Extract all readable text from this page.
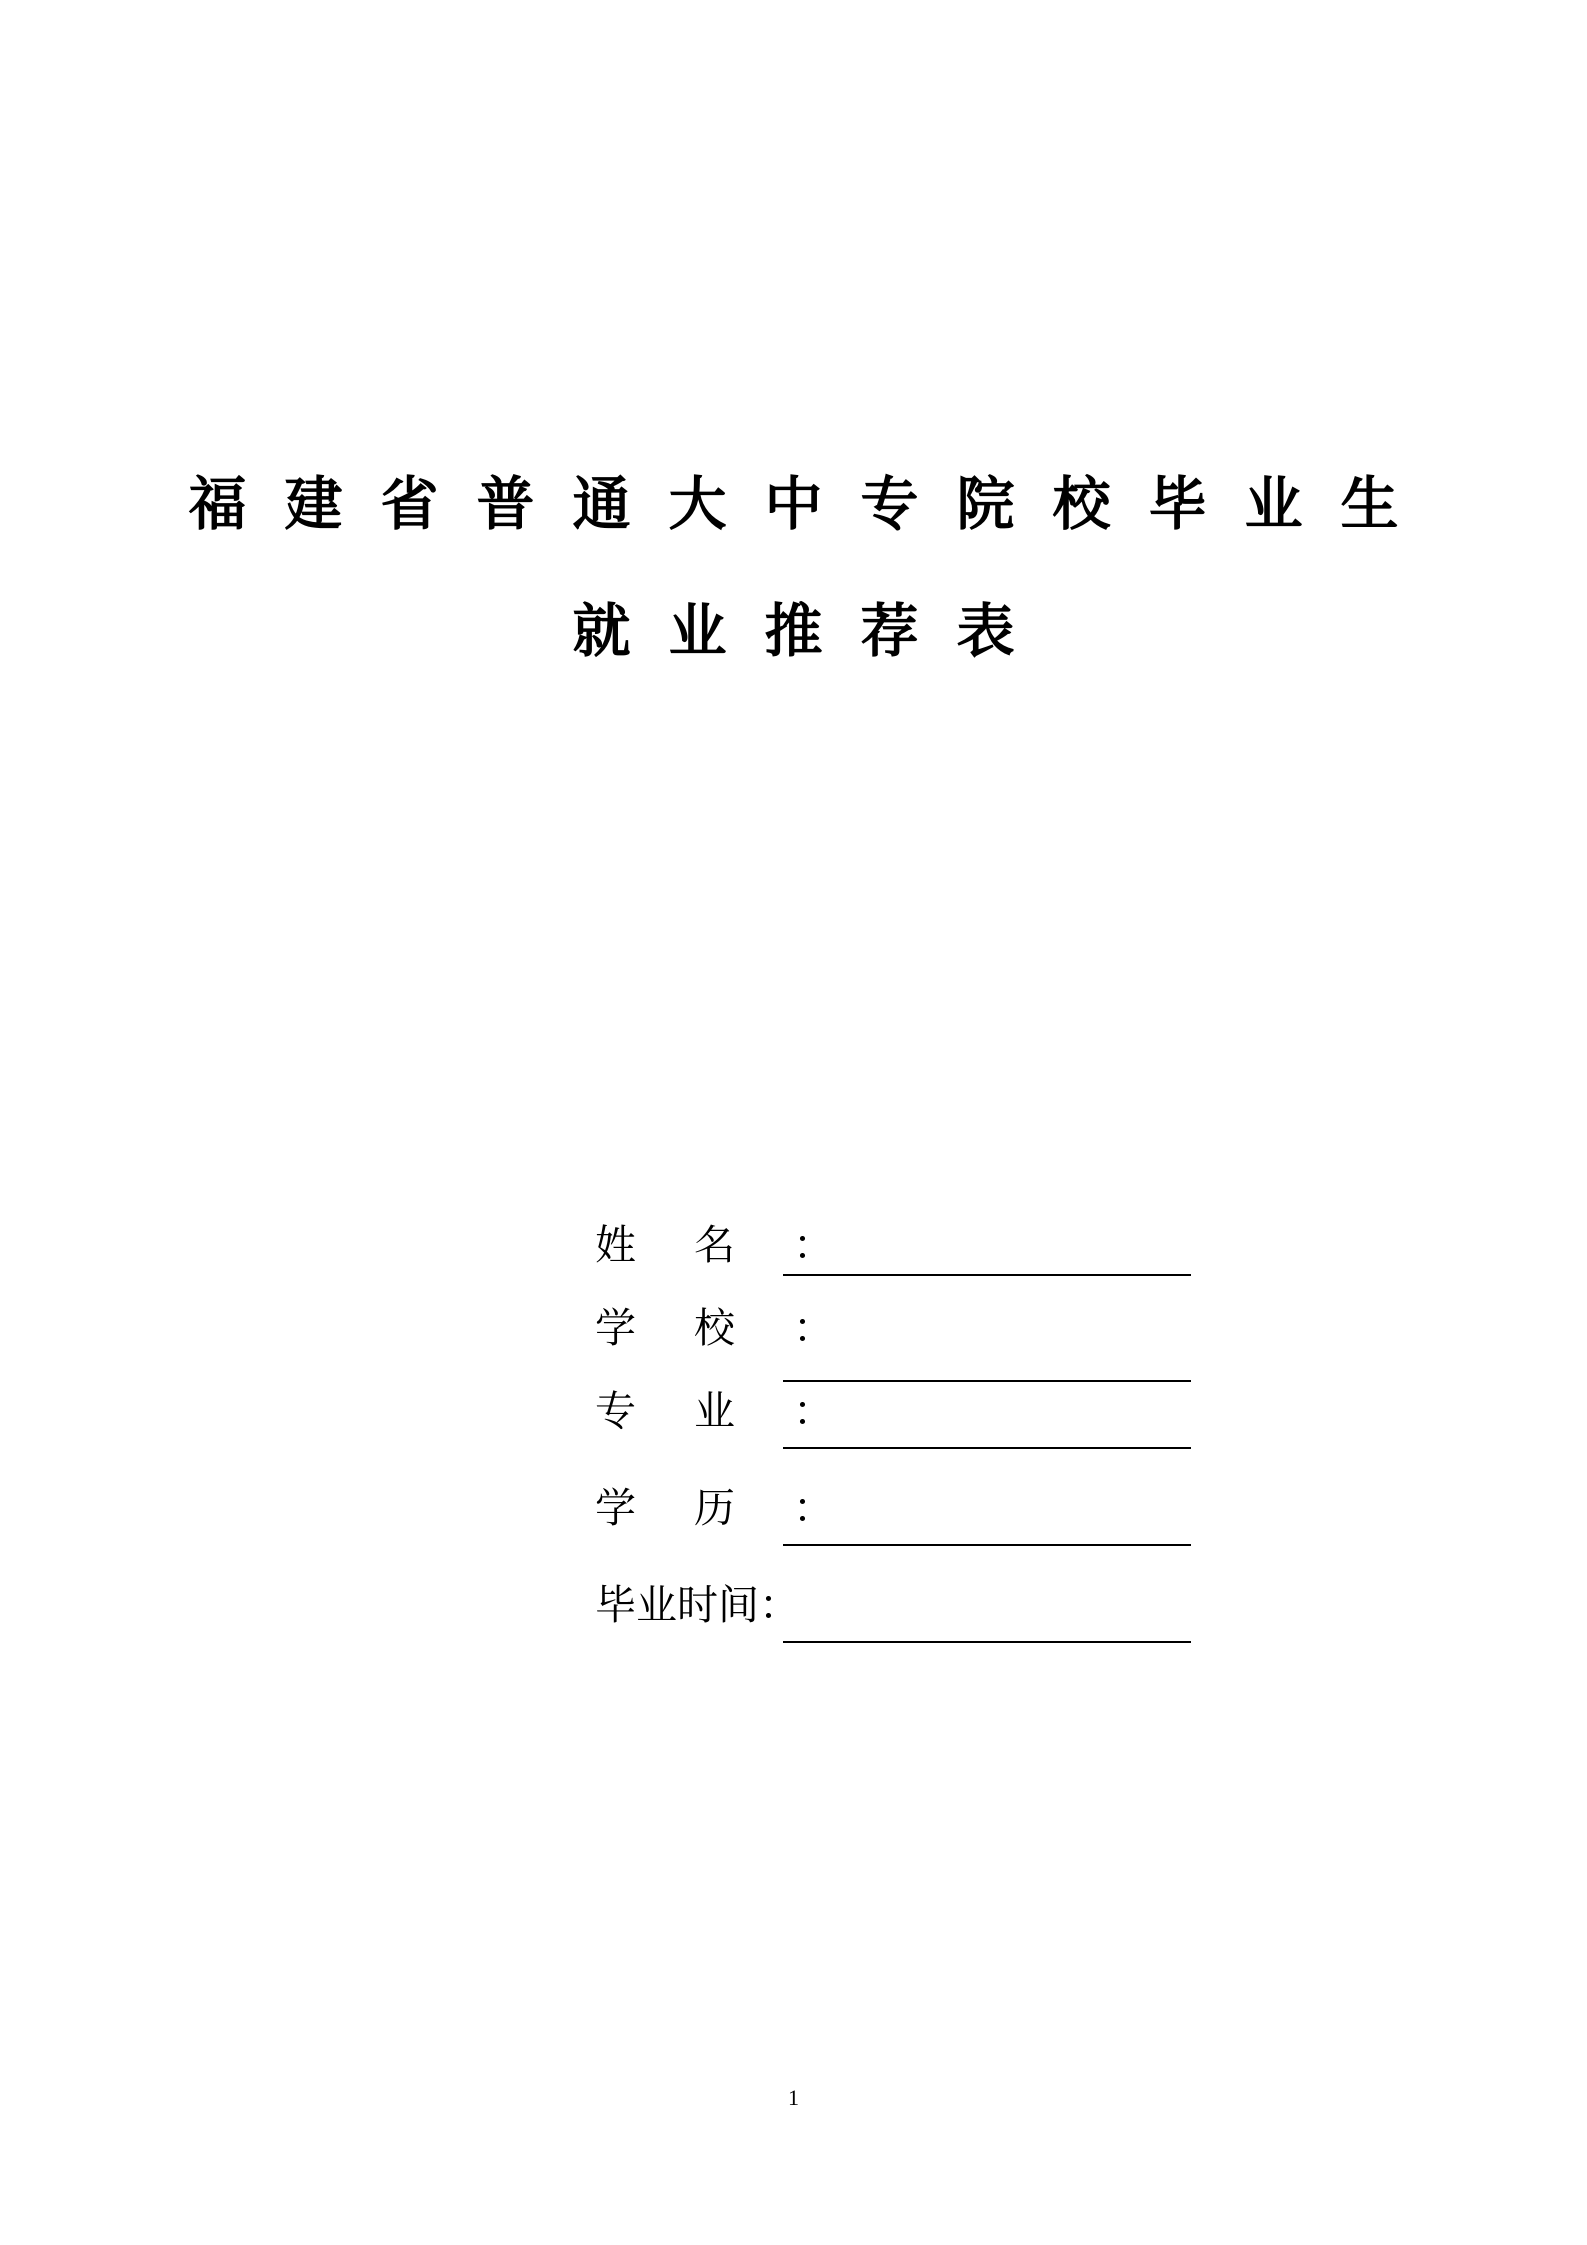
福建省普通大中专院校毕业生
就业推荐表
姓名：
学校：
专业：
学历：
毕业时间：
1
